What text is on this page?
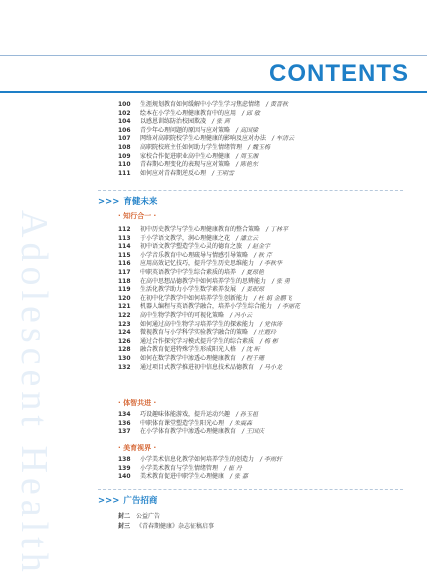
CONTENTS
Adolescent Health
100 生涯规划教育如何缓解中小学生学习焦虑情绪 / 黄晋秋
102 绘本在小学生心理健康教育中的应用 / 邱 敏
104 以感恩训练防治校园欺凌 / 张 茜
106 青少年心理问题的原因与应对策略 / 高国梁
107 网络对高职院校学生心理健康的影响及应对办法 / 车清云
108 高职院校班主任如何助力学生情绪管理 / 魏玉梅
109 家校合作促进职业高中生心理健康 / 周玉湘
110 青春期心理变化的表现与应对策略 / 陈艳东
111 如何应对青春期逆反心理 / 王明雪
>>> 育健未来
· 知行合一 ·
112 初中历史教学与学生心理健康教育的整合策略 / 丁林平
113 于小学语文教学，润心理健康之花 / 潘立云
114 初中语文教学塑造学生心灵的德育之旅 / 赵金宇
115 小学音乐教育中心理疏导与情感引导策略 / 秋 芹
116 应用高效记忆技巧，提升学生历史思维能力 / 李秋华
117 中职英语教学中学生综合素质的培养 / 夏琼艳
118 在高中思想品德教学中如何培养学生的思辨能力 / 张 勇
119 生活化教学助力小学生数学素养发展 / 姜珉琼
120 在初中化学教学中如何培养学生创新能力 / 杜 娟 金鹏飞
121 机器人编程与英语教学融合，培养小学生综合能力 / 李丽花
122 高中生物学教学中的可视化策略 / 冯小云
123 如何通过高中生物学习培养学生的探索能力 / 党伟涛
124 微视教育与小学科学实验教学融合的策略 / 庄霞玲
126 通过合作探究学习模式提升学生的综合素质 / 梅 彬
128 融合教育促进特殊学生形成阳光人格 / 沈 昕
130 如何在数学教学中渗透心理健康教育 / 程千珊
132 通过项目式教学推进初中信息技术品德教育 / 马小龙
· 体智共进 ·
134 巧设趣味体能游戏，提升运动兴趣 / 孙玉祖
136 中职体育课堂塑造学生阳光心理 / 朱震森
137 在小学体育教学中渗透心理健康教育 / 王国庆
· 美育视界 ·
138 小学美术信息化教学如何培养学生的创造力 / 李雨轩
139 小学美术教育与学生情绪管理 / 崔 丹
140 美术教育促进中职学生心理健康 / 张 嘉
>>> 广告招商
封二 公益广告
封三 《青春期健康》杂志征稿启事
